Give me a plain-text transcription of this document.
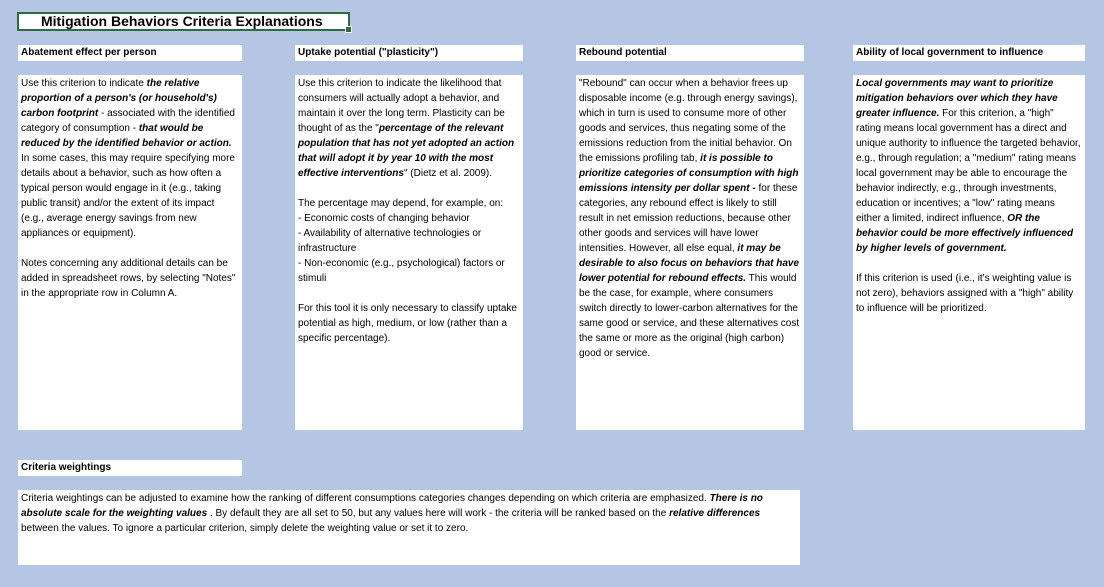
Mitigation Behaviors Criteria Explanations
Abatement effect per person

Use this criterion to indicate the relative proportion of a person's (or household's) carbon footprint - associated with the identified category of consumption - that would be reduced by the identified behavior or action. In some cases, this may require specifying more details about a behavior, such as how often a typical person would engage in it (e.g., taking public transit) and/or the extent of its impact (e.g., average energy savings from new appliances or equipment).

Notes concerning any additional details can be added in spreadsheet rows, by selecting "Notes" in the appropriate row in Column A.

Uptake potential ("plasticity")

Use this criterion to indicate the likelihood that consumers will actually adopt a behavior, and maintain it over the long term. Plasticity can be thought of as the "percentage of the relevant population that has not yet adopted an action that will adopt it by year 10 with the most effective interventions" (Dietz et al. 2009).

The percentage may depend, for example, on:
- Economic costs of changing behavior
- Availability of alternative technologies or infrastructure
- Non-economic (e.g., psychological) factors or stimuli

For this tool it is only necessary to classify uptake potential as high, medium, or low (rather than a specific percentage).

Rebound potential

"Rebound" can occur when a behavior frees up disposable income (e.g. through energy savings), which in turn is used to consume more of other goods and services, thus negating some of the emissions reduction from the initial behavior. On the emissions profiling tab, it is possible to prioritize categories of consumption with high emissions intensity per dollar spent - for these categories, any rebound effect is likely to still result in net emission reductions, because other other goods and services will have lower intensities. However, all else equal, it may be desirable to also focus on behaviors that have lower potential for rebound effects. This would be the case, for example, where consumers switch directly to lower-carbon alternatives for the same good or service, and these alternatives cost the same or more as the original (high carbon) good or service.

Ability of local government to influence

Local governments may want to prioritize mitigation behaviors over which they have greater influence. For this criterion, a "high" rating means local government has a direct and unique authority to influence the targeted behavior, e.g., through regulation; a "medium" rating means local government may be able to encourage the behavior indirectly, e.g., through investments, education or incentives; a "low" rating means either a limited, indirect influence, OR the behavior could be more effectively influenced by higher levels of government.

If this criterion is used (i.e., it's weighting value is not zero), behaviors assigned with a "high" ability to influence will be prioritized.

Criteria weightings

Criteria weightings can be adjusted to examine how the ranking of different consumptions categories changes depending on which criteria are emphasized. There is no absolute scale for the weighting values . By default they are all set to 50, but any values here will work - the criteria will be ranked based on the relative differences between the values. To ignore a particular criterion, simply delete the weighting value or set it to zero.
